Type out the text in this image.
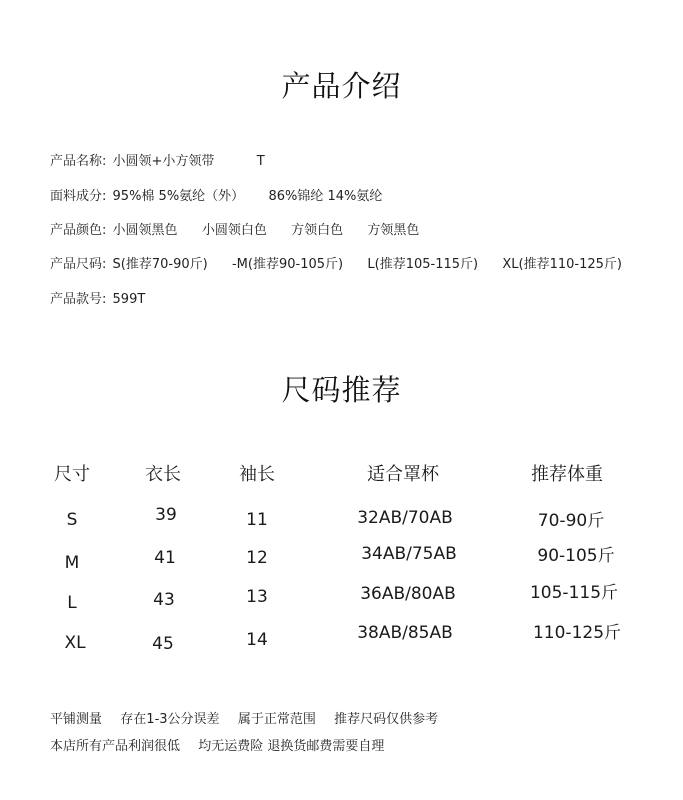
产品介绍
产品名称: 小圆领+小方领带	T
面料成分: 95%棉 5%氨纶（外） 86%锦纶 14%氨纶
产品颜色: 小圆领黑色 小圆领白色 方领白色 方领黑色
产品尺码: S(推荐70-90斤) -M(推荐90-105斤) L(推荐105-115斤) XL(推荐110-125斤)
产品款号: 599T
尺码推荐
尺寸	衣长	袖长	适合罩杯	推荐体重
S	39	11	32AB/70AB	70-90斤
M	41	12	34AB/75AB	90-105斤
L	43	13	36AB/80AB	105-115斤
XL	45	14	38AB/85AB	110-125斤
平铺测量 存在1-3公分误差 属于正常范围 推荐尺码仅供参考
本店所有产品利润很低 均无运费险 退换货邮费需要自理
